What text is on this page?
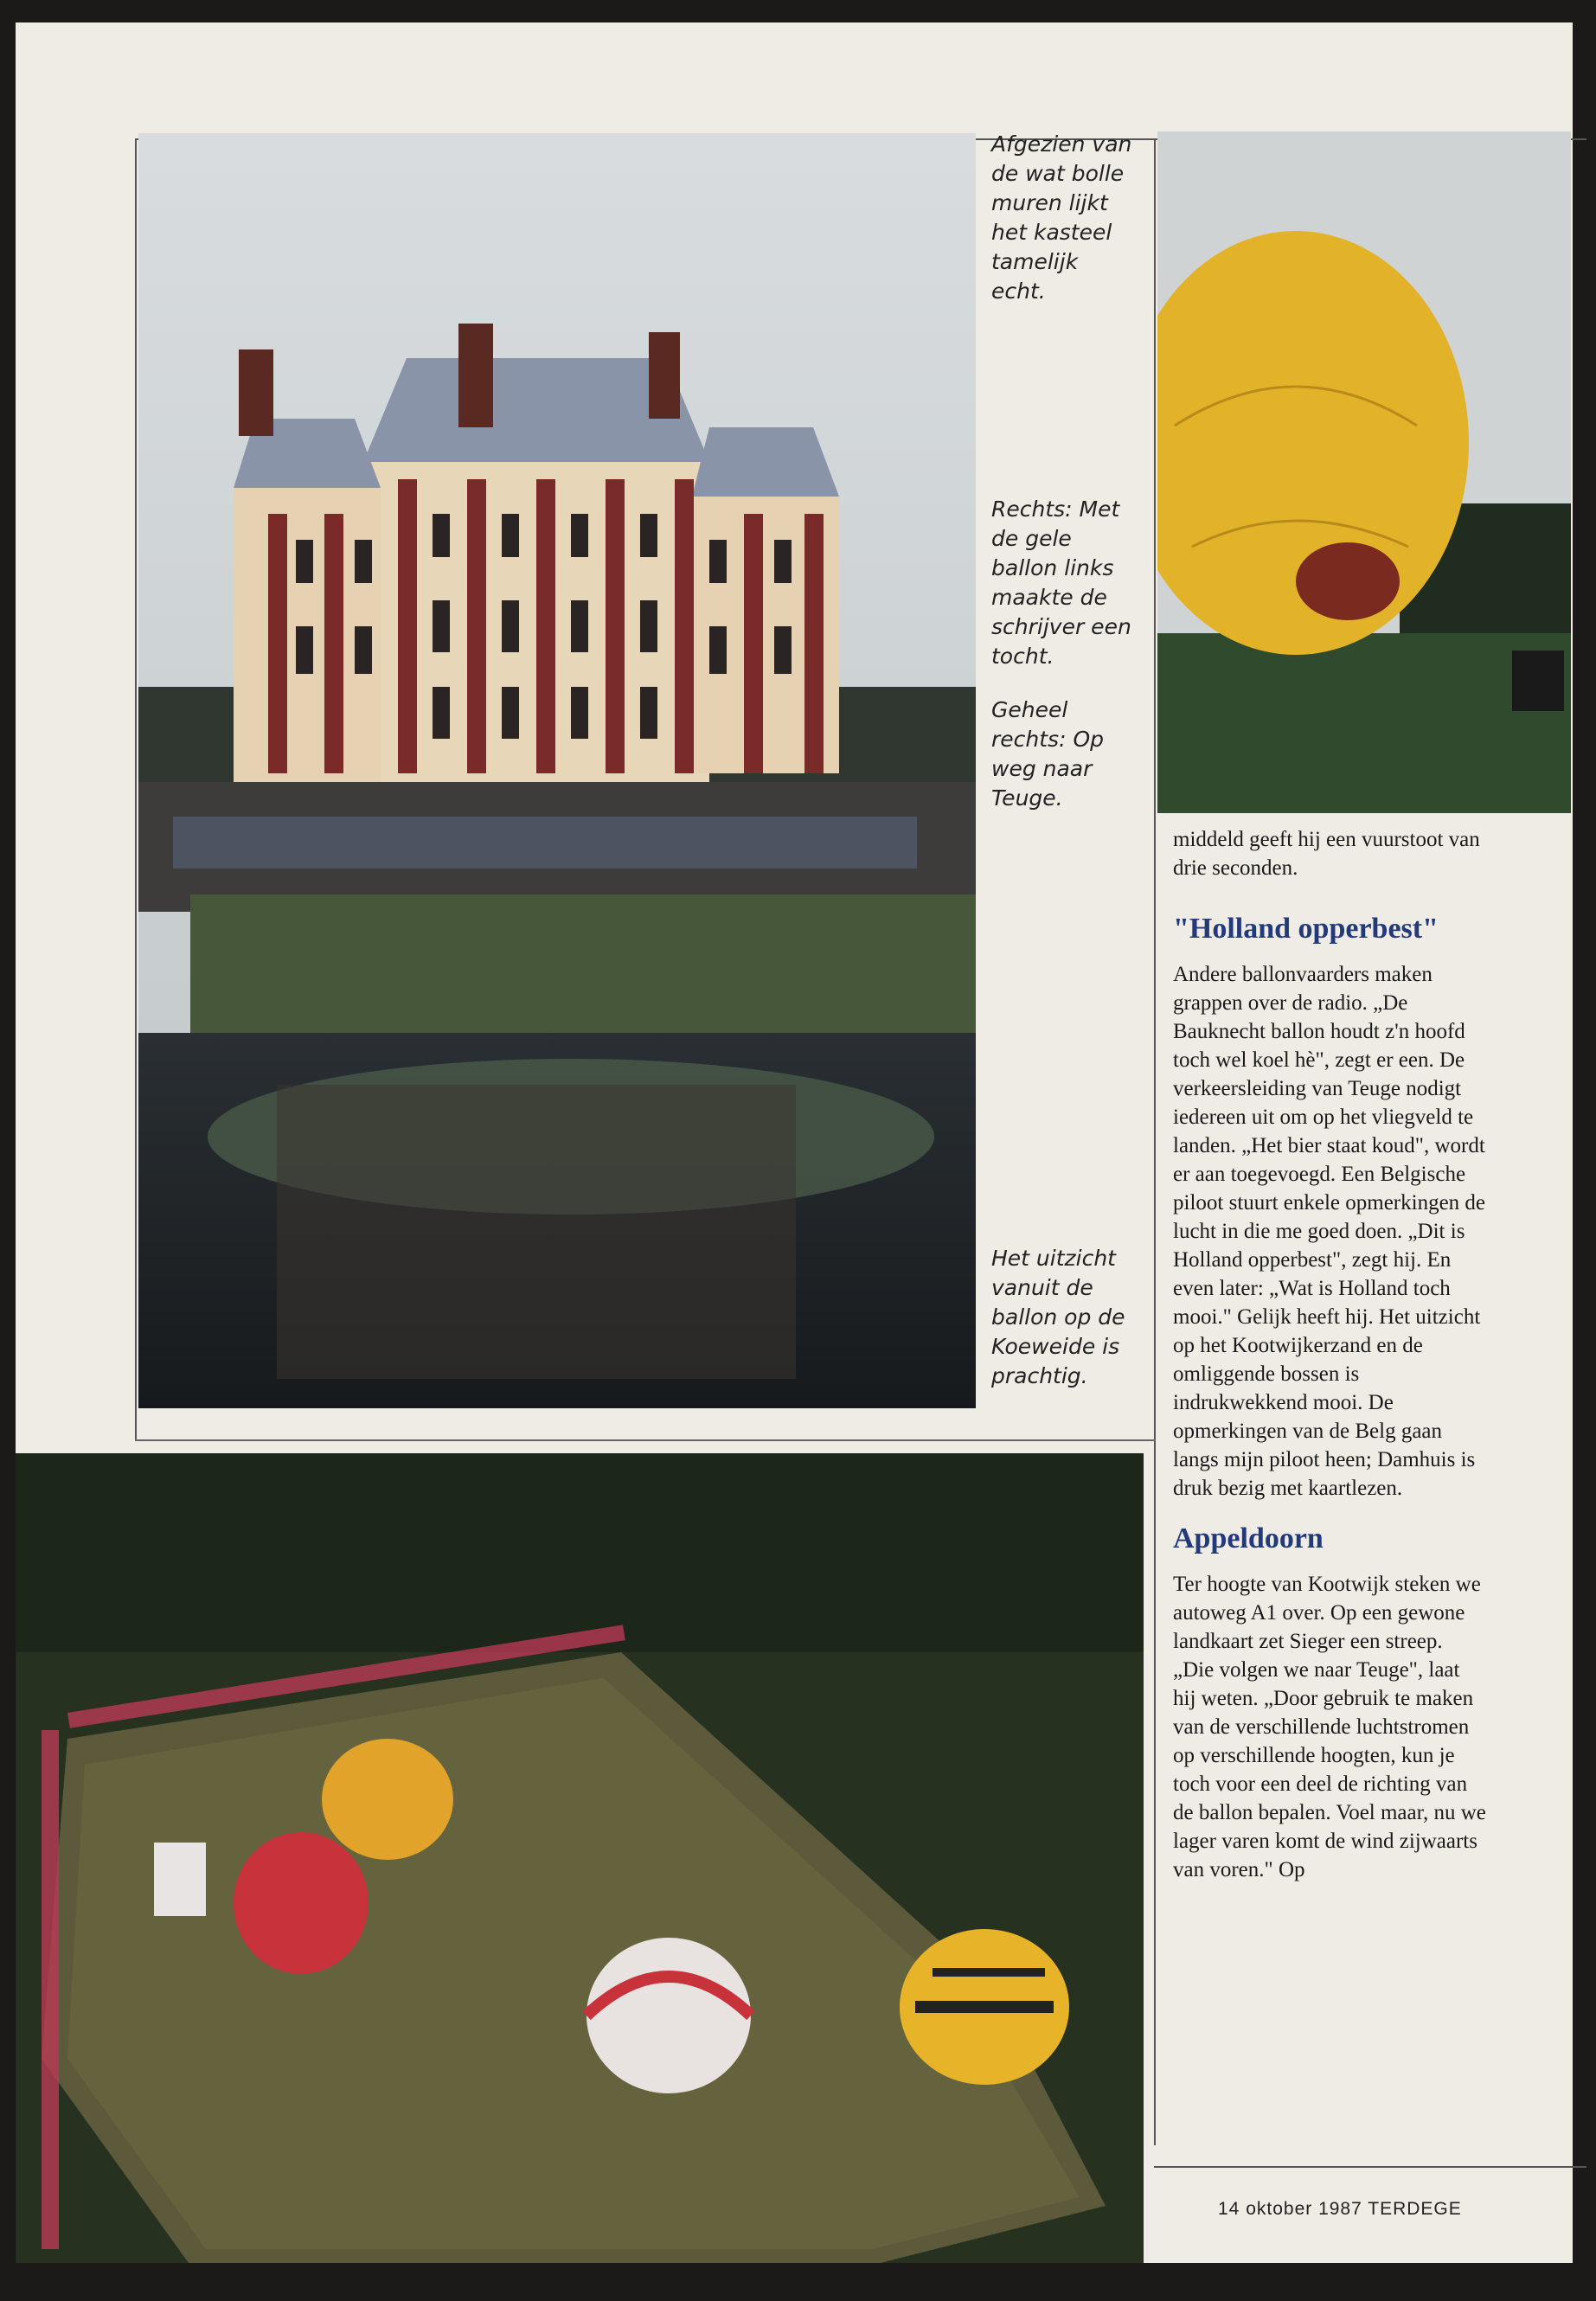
Afgezien van de wat bolle muren lijkt het kasteel tamelijk echt.

Rechts: Met de gele ballon links maakte de schrijver een tocht.

Geheel rechts: Op weg naar Teuge.

Het uitzicht vanuit de ballon op de Koeweide is prachtig.

middeld geeft hij een vuurstoot van drie seconden.

"Holland opperbest"

Andere ballonvaarders maken grappen over de radio. „De Bauknecht ballon houdt z'n hoofd toch wel koel hè", zegt er een. De verkeersleiding van Teuge nodigt iedereen uit om op het vliegveld te landen. „Het bier staat koud", wordt er aan toegevoegd. Een Belgische piloot stuurt enkele opmerkingen de lucht in die me goed doen. „Dit is Holland opperbest", zegt hij. En even later: „Wat is Holland toch mooi." Gelijk heeft hij. Het uitzicht op het Kootwijkerzand en de omliggende bossen is indrukwekkend mooi. De opmerkingen van de Belg gaan langs mijn piloot heen; Damhuis is druk bezig met kaartlezen.

Appeldoorn

Ter hoogte van Kootwijk steken we autoweg A1 over. Op een gewone landkaart zet Sieger een streep. „Die volgen we naar Teuge", laat hij weten. „Door gebruik te maken van de verschillende luchtstromen op verschillende hoogten, kun je toch voor een deel de richting van de ballon bepalen. Voel maar, nu we lager varen komt de wind zijwaarts van voren." Op

14 oktober 1987 TERDEGE
